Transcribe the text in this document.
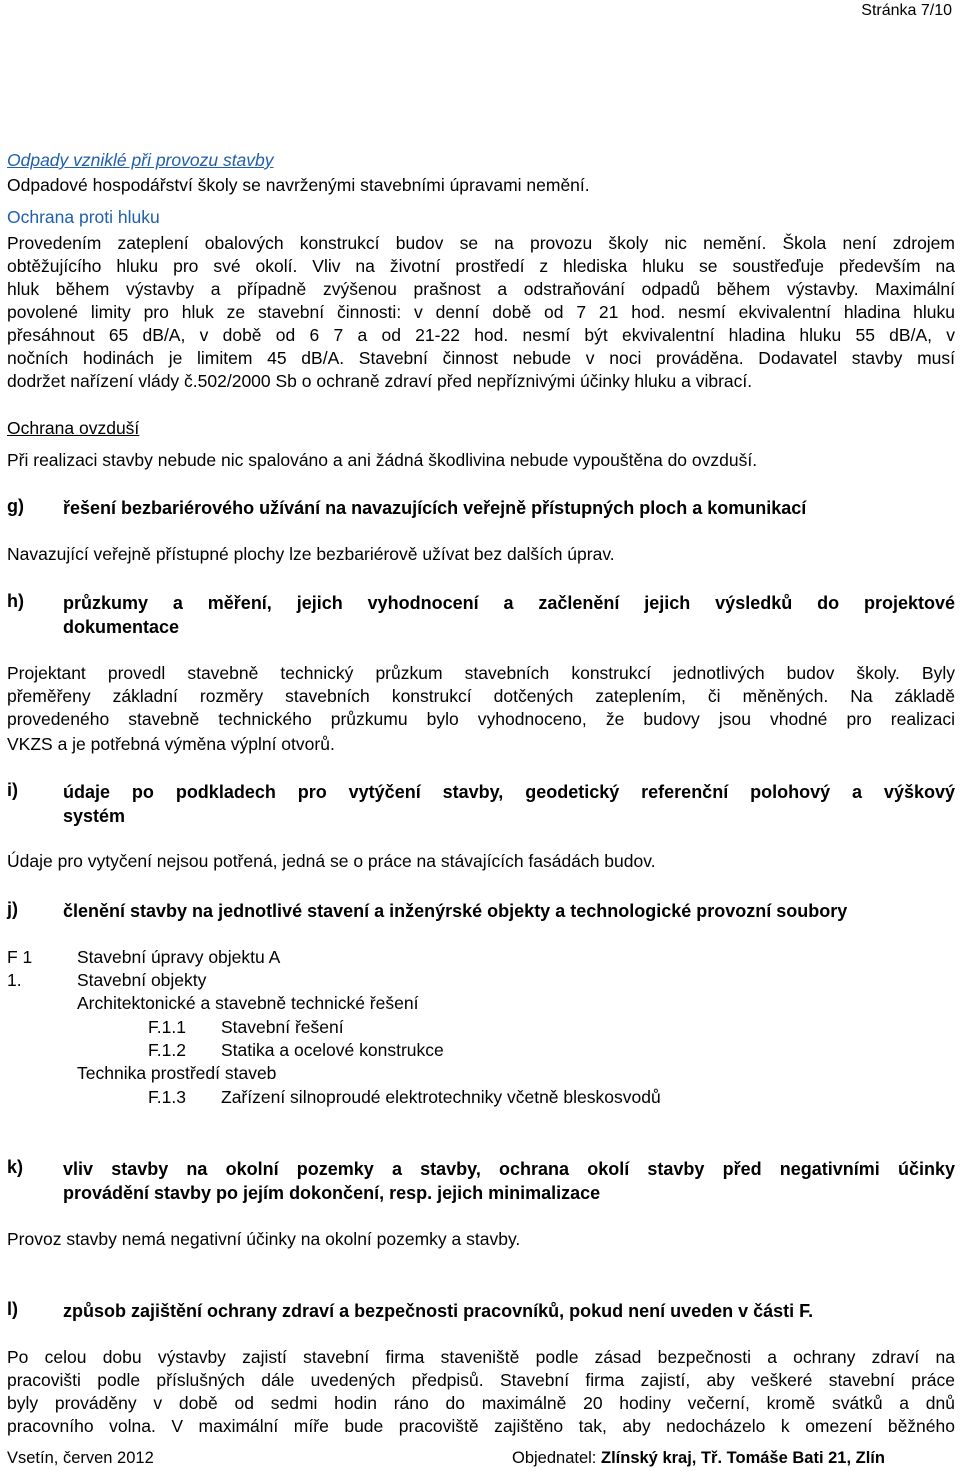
Stránka 7/10
Odpady vzniklé při provozu stavby
Odpadové hospodářství školy se navrženými stavebními úpravami nemění.
Ochrana proti hluku
Provedením zateplení obalových konstrukcí budov se na provozu školy nic nemění. Škola není zdrojem
obtěžujícího hluku pro své okolí. Vliv na životní prostředí z hlediska hluku se soustřeďuje především na
hluk během výstavby a případně zvýšenou prašnost a odstraňování odpadů během výstavby. Maximální
povolené limity pro hluk ze stavební činnosti: v denní době od 7 21 hod. nesmí ekvivalentní hladina hluku
přesáhnout 65 dB/A, v době od 6 7 a od 21-22 hod. nesmí být ekvivalentní hladina hluku 55 dB/A, v
nočních hodinách je limitem 45 dB/A. Stavební činnost nebude v noci prováděna. Dodavatel stavby musí
dodržet nařízení vlády č.502/2000 Sb o ochraně zdraví před nepříznivými účinky hluku a vibrací.
Ochrana ovzduší
Při realizaci stavby nebude nic spalováno a ani žádná škodlivina nebude vypouštěna do ovzduší.
g) řešení bezbariérového užívání na navazujících veřejně přístupných ploch a komunikací
Navazující veřejně přístupné plochy lze bezbariérově užívat bez dalších úprav.
h) průzkumy a měření, jejich vyhodnocení a začlenění jejich výsledků do projektové
dokumentace
Projektant provedl stavebně technický průzkum stavebních konstrukcí jednotlivých budov školy. Byly
přeměřeny základní rozměry stavebních konstrukcí dotčených zateplením, či měněných. Na základě
provedeného stavebně technického průzkumu bylo vyhodnoceno, že budovy jsou vhodné pro realizaci
VKZS a je potřebná výměna výplní otvorů.
i)	údaje po podkladech pro vytýčení stavby, geodetický referenční polohový a výškový
systém
Údaje pro vytyčení nejsou potřená, jedná se o práce na stávajících fasádách budov.
j)	členění stavby na jednotlivé stavení a inženýrské objekty a technologické provozní soubory
F 1	Stavební úpravy objektu A
1.	Stavební objekty
Architektonické a stavebně technické řešení
F.1.1 Stavební řešení
F.1.2 Statika a ocelové konstrukce
Technika prostředí staveb
F.1.3 Zařízení silnoproudé elektrotechniky včetně bleskosvodů
k) vliv stavby na okolní pozemky a stavby, ochrana okolí stavby před negativními účinky
provádění stavby po jejím dokončení, resp. jejich minimalizace
Provoz stavby nemá negativní účinky na okolní pozemky a stavby.
l)	způsob zajištění ochrany zdraví a bezpečnosti pracovníků, pokud není uveden v části F.
Po celou dobu výstavby zajistí stavební firma staveniště podle zásad bezpečnosti a ochrany zdraví na
pracovišti podle příslušných dále uvedených předpisů. Stavební firma zajistí, aby veškeré stavební práce
byly prováděny v době od sedmi hodin ráno do maximálně 20 hodiny večerní, kromě svátků a dnů
pracovního volna. V maximální míře bude pracoviště zajištěno tak, aby nedocházelo k omezení běžného
Vsetín, červen 2012	Objednatel: Zlínský kraj, Tř. Tomáše Bati 21, Zlín
